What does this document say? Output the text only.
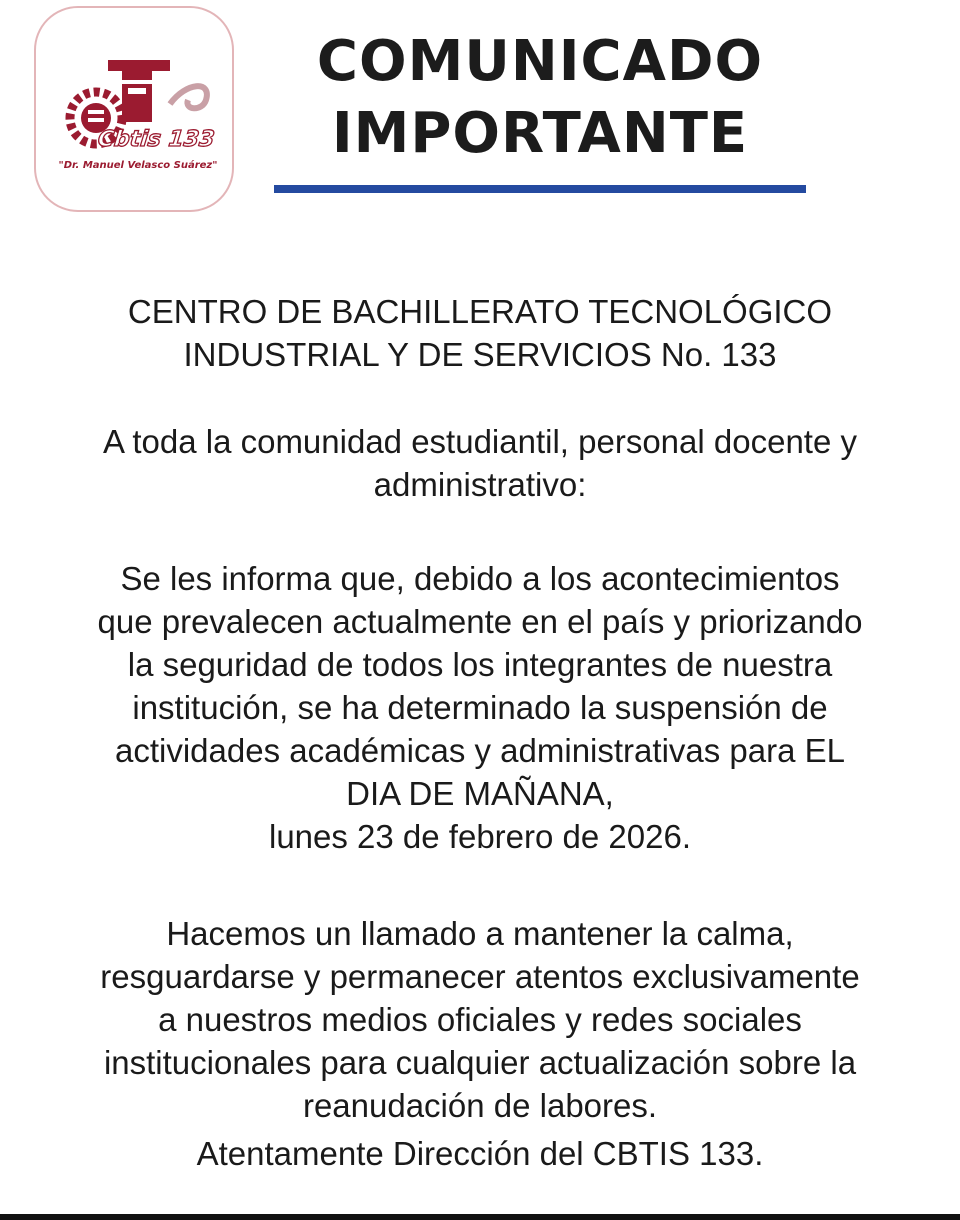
Cbtis 133
"Dr. Manuel Velasco Suárez"
COMUNICADO
IMPORTANTE

CENTRO DE BACHILLERATO TECNOLÓGICO
INDUSTRIAL Y DE SERVICIOS No. 133

A toda la comunidad estudiantil, personal docente y
administrativo:

Se les informa que, debido a los acontecimientos
que prevalecen actualmente en el país y priorizando
la seguridad de todos los integrantes de nuestra
institución, se ha determinado la suspensión de
actividades académicas y administrativas para EL
DIA DE MAÑANA,
lunes 23 de febrero de 2026.

Hacemos un llamado a mantener la calma,
resguardarse y permanecer atentos exclusivamente
a nuestros medios oficiales y redes sociales
institucionales para cualquier actualización sobre la
reanudación de labores.

Atentamente Dirección del CBTIS 133.
